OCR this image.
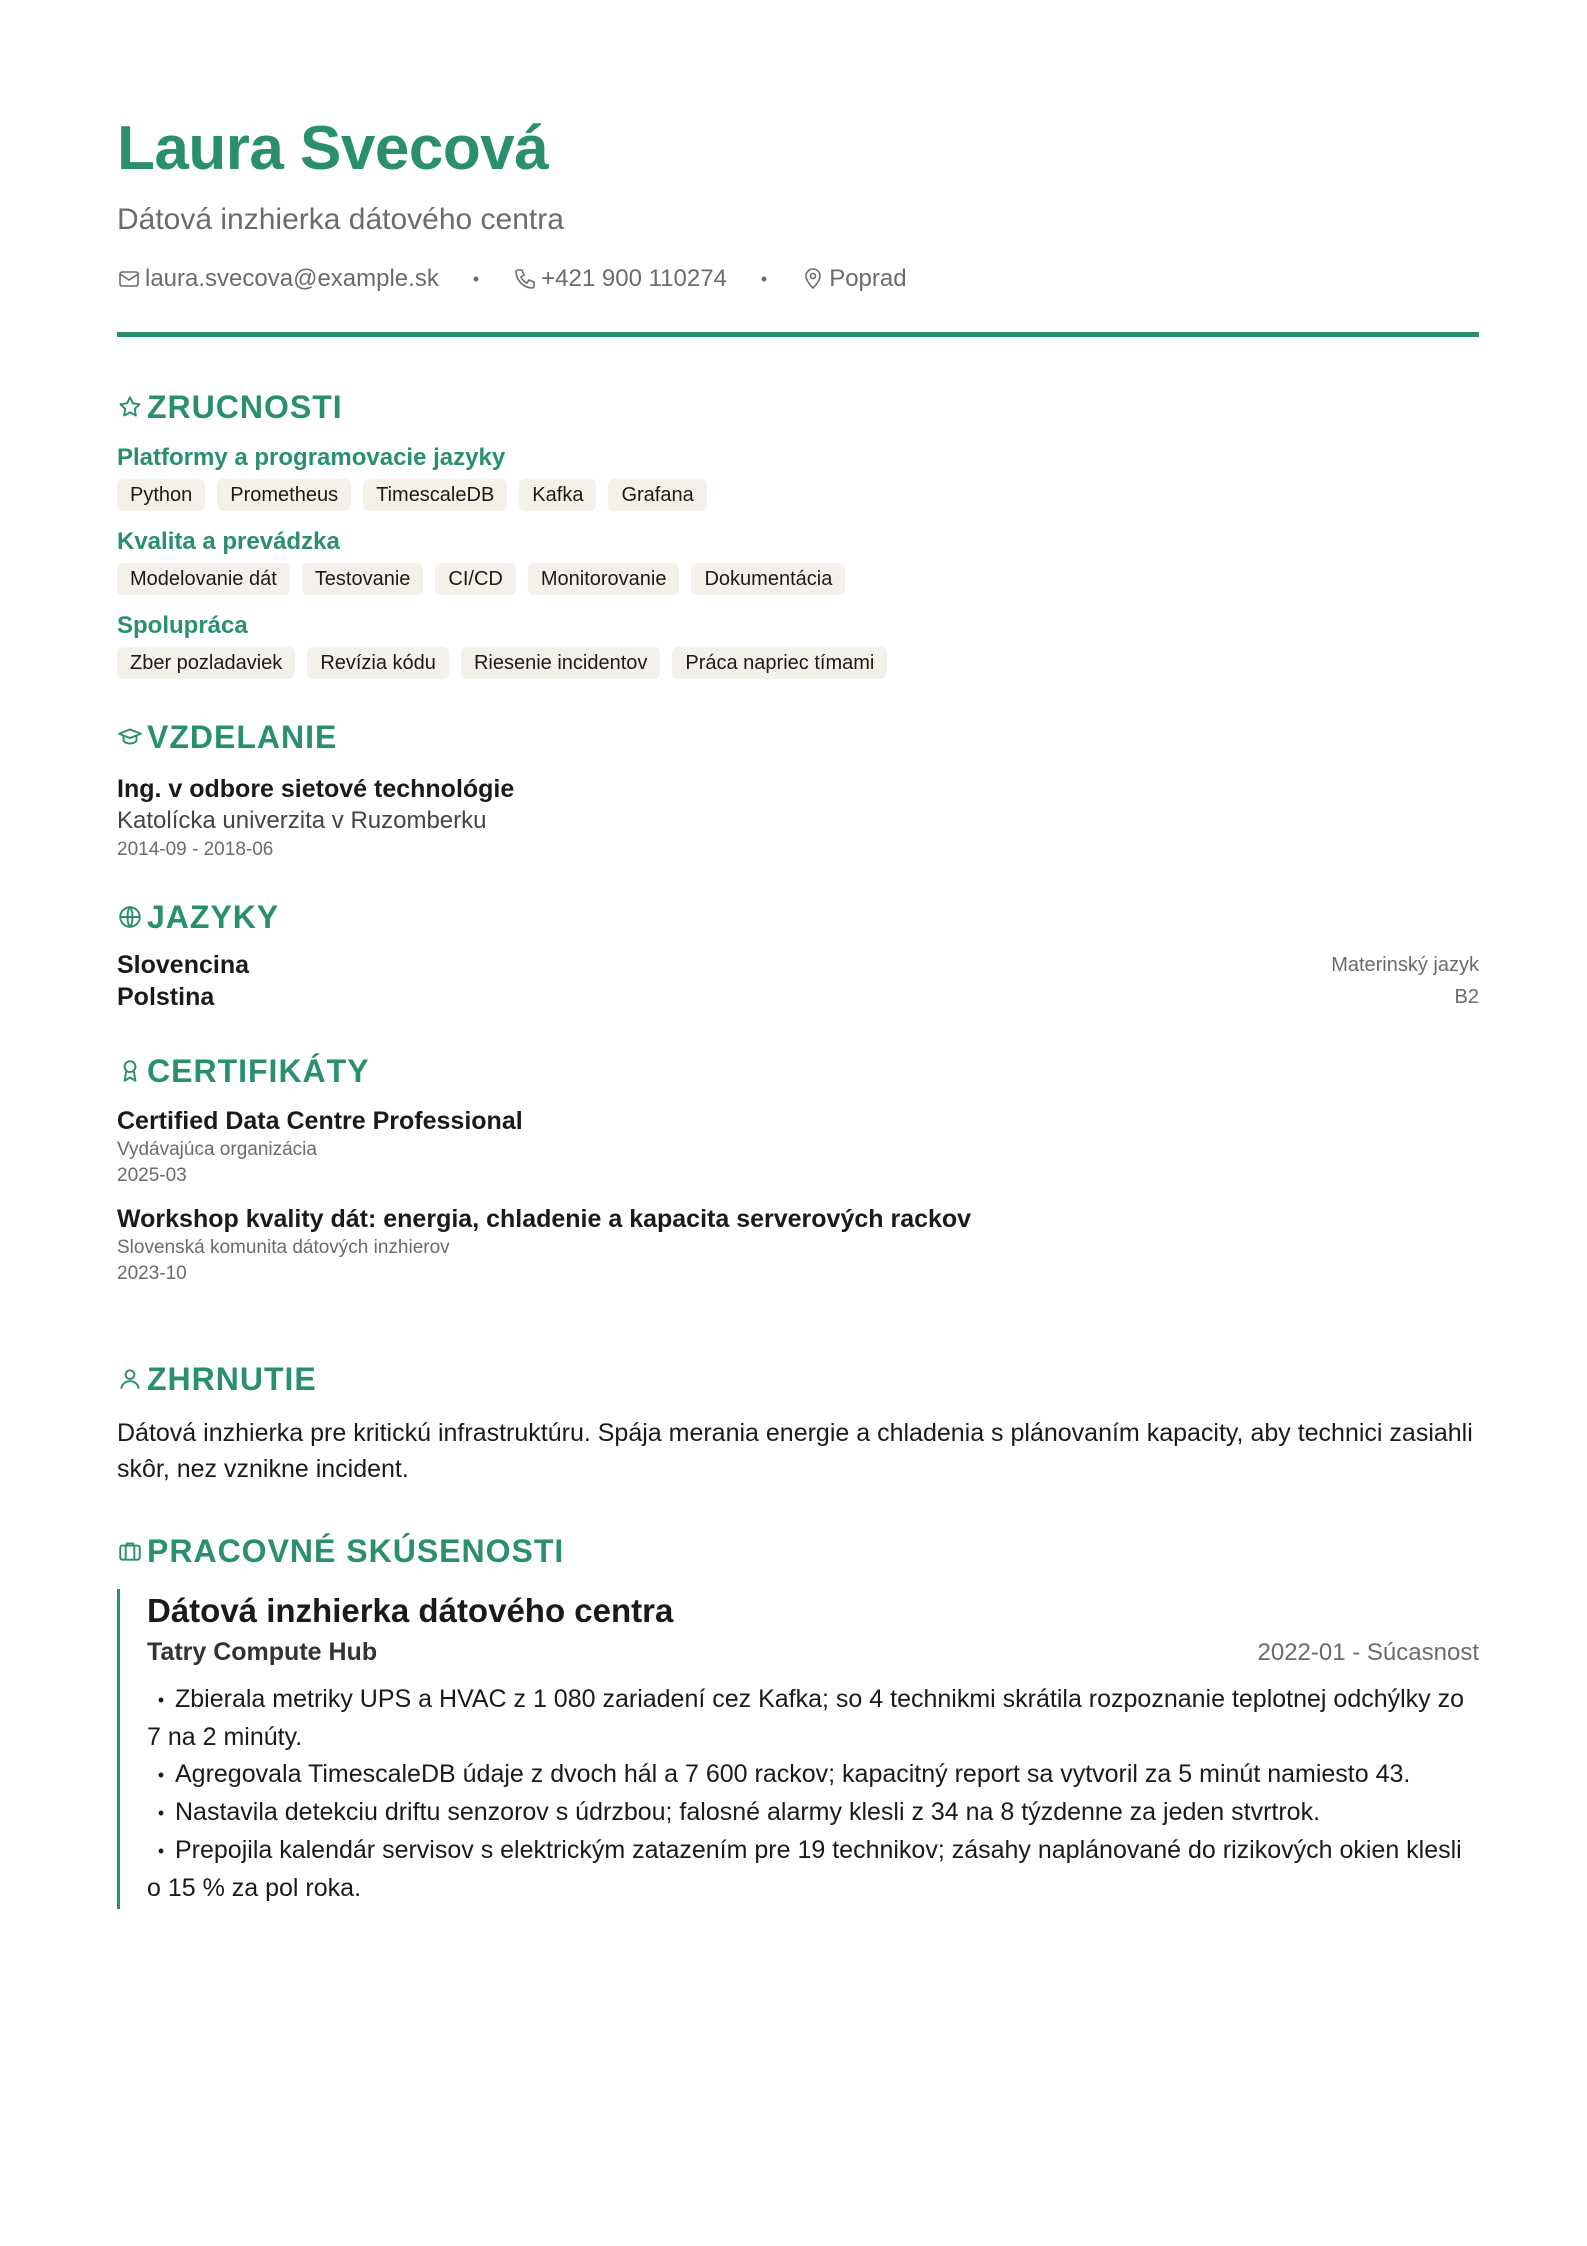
Laura Svecová
Dátová inzhierka dátového centra
laura.svecova@example.sk •	+421 900 110274 •	Poprad
ZRUCNOSTI
Platformy a programovacie jazyky
Python	Prometheus	TimescaleDB	Kafka	Grafana
Kvalita a prevádzka
Modelovanie dát	Testovanie	CI/CD	Monitorovanie	Dokumentácia
Spolupráca
Zber pozladaviek	Revízia kódu	Riesenie incidentov	Práca napriec tímami
VZDELANIE
Ing. v odbore sietové technológie
Katolícka univerzita v Ruzomberku
2014-09 - 2018-06
JAZYKY
Slovencina	Materinský jazyk
Polstina	B2
CERTIFIKÁTY
Certified Data Centre Professional
Vydávajúca organizácia
2025-03
Workshop kvality dát: energia, chladenie a kapacita serverových rackov
Slovenská komunita dátových inzhierov
2023-10
ZHRNUTIE
Dátová inzhierka pre kritickú infrastruktúru. Spája merania energie a chladenia s plánovaním kapacity, aby technici zasiahli skôr, nez vznikne incident.
PRACOVNÉ SKÚSENOSTI
Dátová inzhierka dátového centra
Tatry Compute Hub	2022-01 - Súcasnost
• Zbierala metriky UPS a HVAC z 1 080 zariadení cez Kafka; so 4 technikmi skrátila rozpoznanie teplotnej odchýlky zo 7 na 2 minúty.
• Agregovala TimescaleDB údaje z dvoch hál a 7 600 rackov; kapacitný report sa vytvoril za 5 minút namiesto 43.
• Nastavila detekciu driftu senzorov s údrzbou; falosné alarmy klesli z 34 na 8 týzdenne za jeden stvrtrok.
• Prepojila kalendár servisov s elektrickým zatazením pre 19 technikov; zásahy naplánované do rizikových okien klesli o 15 % za pol roka.
